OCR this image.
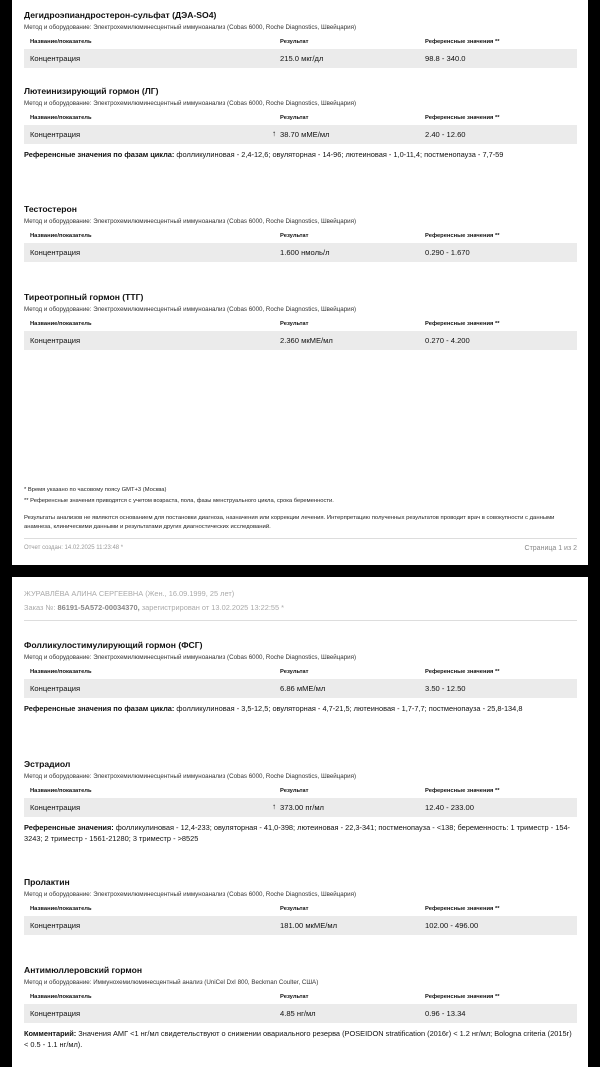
Дегидроэпиандростерон-сульфат (ДЭА-SO4)
Метод и оборудование: Электрохемилюминесцентный иммуноанализ (Cobas 6000, Roche Diagnostics, Швейцария)
Название/показатель	Результат	Референсные значения **
Концентрация	215.0 мкг/дл	98.8 - 340.0
Лютеинизирующий гормон (ЛГ)
Метод и оборудование: Электрохемилюминесцентный иммуноанализ (Cobas 6000, Roche Diagnostics, Швейцария)
Название/показатель	Результат	Референсные значения **
Концентрация	↑ 38.70 мМЕ/мл	2.40 - 12.60
Референсные значения по фазам цикла: фолликулиновая - 2,4-12,6; овуляторная - 14-96; лютеиновая - 1,0-11,4; постменопауза - 7,7-59
Тестостерон
Метод и оборудование: Электрохемилюминесцентный иммуноанализ (Cobas 6000, Roche Diagnostics, Швейцария)
Название/показатель	Результат	Референсные значения **
Концентрация	1.600 нмоль/л	0.290 - 1.670
Тиреотропный гормон (ТТГ)
Метод и оборудование: Электрохемилюминесцентный иммуноанализ (Cobas 6000, Roche Diagnostics, Швейцария)
Название/показатель	Результат	Референсные значения **
Концентрация	2.360 мкМЕ/мл	0.270 - 4.200
* Время указано по часовому поясу GMT+3 (Москва)
** Референсные значения приводятся с учетом возраста, пола, фазы менструального цикла, срока беременности.
Результаты анализов не являются основанием для постановки диагноза, назначения или коррекции лечения. Интерпретацию полученных результатов проводит врач в совокупности с данными анамнеза, клиническими данными и результатами других диагностических исследований.
Отчет создан: 14.02.2025 11:23:48 *	Страница 1 из 2
ЖУРАВЛЁВА АЛИНА СЕРГЕЕВНА (Жен., 16.09.1999, 25 лет)
Заказ №: 86191-5A572-00034370, зарегистрирован от 13.02.2025 13:22:55 *
Фолликулостимулирующий гормон (ФСГ)
Метод и оборудование: Электрохемилюминесцентный иммуноанализ (Cobas 6000, Roche Diagnostics, Швейцария)
Название/показатель	Результат	Референсные значения **
Концентрация	6.86 мМЕ/мл	3.50 - 12.50
Референсные значения по фазам цикла: фолликулиновая - 3,5-12,5; овуляторная - 4,7-21,5; лютеиновая - 1,7-7,7; постменопауза - 25,8-134,8
Эстрадиол
Метод и оборудование: Электрохемилюминесцентный иммуноанализ (Cobas 6000, Roche Diagnostics, Швейцария)
Название/показатель	Результат	Референсные значения **
Концентрация	↑ 373.00 пг/мл	12.40 - 233.00
Референсные значения: фолликулиновая - 12,4-233; овуляторная - 41,0-398; лютеиновая - 22,3-341; постменопауза - <138; беременность: 1 триместр - 154-3243; 2 триместр - 1561-21280; 3 триместр - >8525
Пролактин
Метод и оборудование: Электрохемилюминесцентный иммуноанализ (Cobas 6000, Roche Diagnostics, Швейцария)
Название/показатель	Результат	Референсные значения **
Концентрация	181.00 мкМЕ/мл	102.00 - 496.00
Антимюллеровский гормон
Метод и оборудование: Иммунохемилюминесцентный анализ (UniCel DxI 800, Beckman Coulter, США)
Название/показатель	Результат	Референсные значения **
Концентрация	4.85 нг/мл	0.96 - 13.34
Комментарий: Значения АМГ <1 нг/мл свидетельствуют о снижении овариального резерва (POSEIDON stratification (2016г) < 1.2 нг/мл; Bologna criteria (2015г) < 0.5 - 1.1 нг/мл).
